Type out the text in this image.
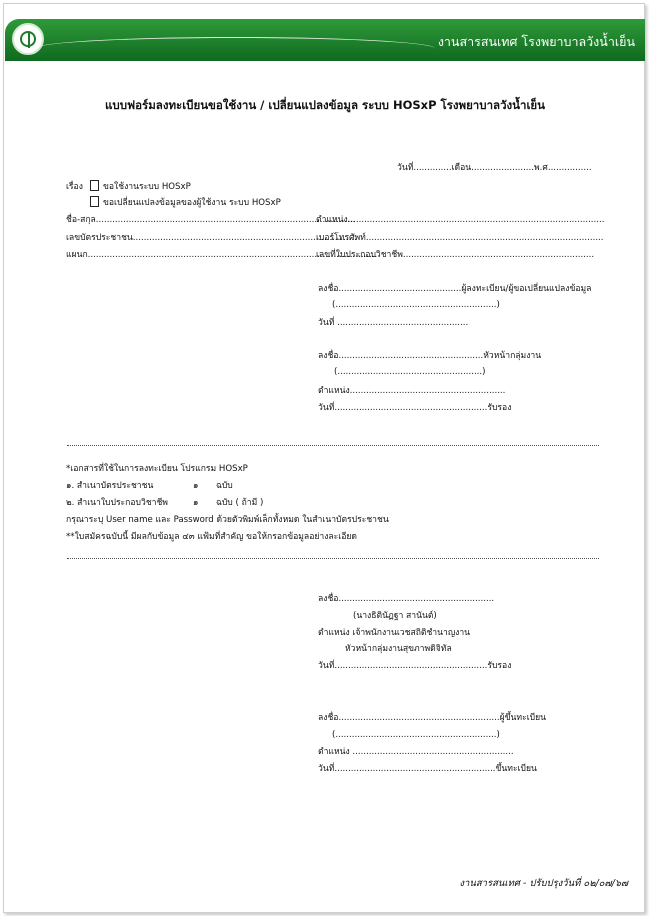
งานสารสนเทศ โรงพยาบาลวังน้ำเย็น
แบบฟอร์มลงทะเบียนขอใช้งาน / เปลี่ยนแปลงข้อมูล ระบบ HOSxP โรงพยาบาลวังน้ำเย็น
วันที่..............เดือน.......................พ.ศ................
เรื่อง ขอใช้งานระบบ HOSxP
ขอเปลี่ยนแปลงข้อมูลของผู้ใช้งาน ระบบ HOSxP
ชื่อ-สกุล...............................................................................................
ตำแหน่ง..............................................................................................
เลขบัตรประชาชน..................................................................................
เบอร์โทรศัพท์.......................................................................................
แผนก..........................................................................................................
เลขที่ใบประกอบวิชาชีพ......................................................................
ลงชื่อ.............................................ผู้ลงทะเบียน/ผู้ขอเปลี่ยนแปลงข้อมูล
(...........................................................)
วันที่ ................................................
ลงชื่อ.....................................................หัวหน้ากลุ่มงาน
(.....................................................)
ตำแหน่ง.........................................................
วันที่........................................................รับรอง
*เอกสารที่ใช้ในการลงทะเบียน โปรแกรม HOSxP
๑. สำเนาบัตรประชาชน	๑ ฉบับ
๒. สำเนาใบประกอบวิชาชีพ	๑ ฉบับ ( ถ้ามี )
กรุณาระบุ User name และ Password ด้วยตัวพิมพ์เล็กทั้งหมด ในสำเนาบัตรประชาชน
**ใบสมัครฉบับนี้ มีผลกับข้อมูล ๔๓ แฟ้มที่สำคัญ ขอให้กรอกข้อมูลอย่างละเอียด
ลงชื่อ.........................................................
(นางธิตินัฏฐา สานันต์)
ตำแหน่ง เจ้าพนักงานเวชสถิติชำนาญงาน
หัวหน้ากลุ่มงานสุขภาพดิจิทัล
วันที่........................................................รับรอง
ลงชื่อ...........................................................ผู้ขึ้นทะเบียน
(...........................................................)
ตำแหน่ง ...........................................................
วันที่...........................................................ขึ้นทะเบียน
งานสารสนเทศ - ปรับปรุงวันที่ ๐๒/๐๗/๖๗
